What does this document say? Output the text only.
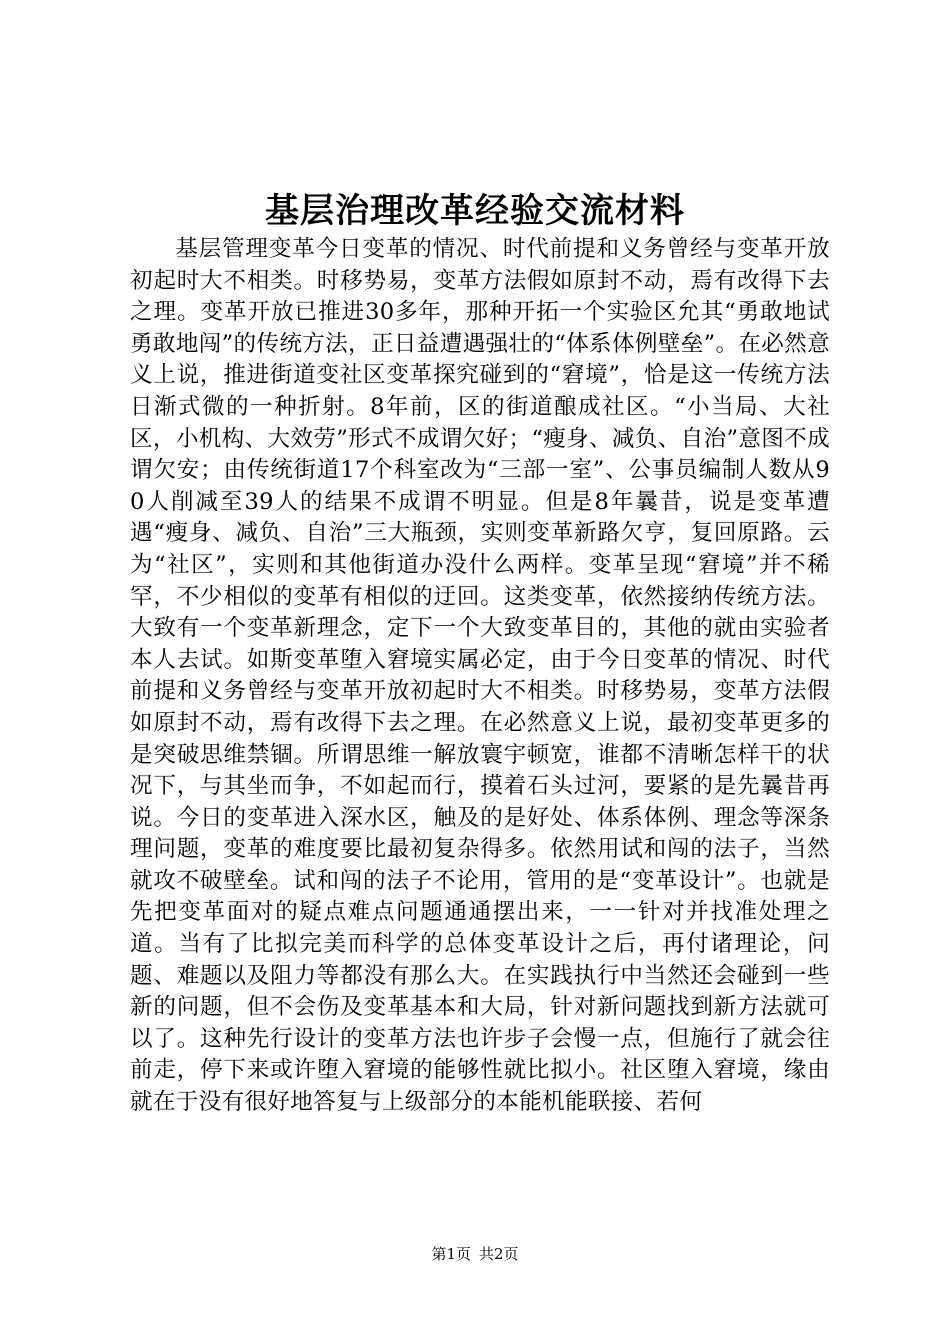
基层治理改革经验交流材料

基层管理变革今日变革的情况、时代前提和义务曾经与变革开放初起时大不相类。时移势易，变革方法假如原封不动，焉有改得下去之理。变革开放已推进30多年，那种开拓一个实验区允其“勇敢地试勇敢地闯”的传统方法，正日益遭遇强壮的“体系体例壁垒”。在必然意义上说，推进街道变社区变革探究碰到的“窘境”，恰是这一传统方法日渐式微的一种折射。8年前，区的街道酿成社区。“小当局、大社区，小机构、大效劳”形式不成谓欠好；“瘦身、减负、自治”意图不成谓欠安；由传统街道17个科室改为“三部一室”、公事员编制人数从90人削减至39人的结果不成谓不明显。但是8年曩昔，说是变革遭遇“瘦身、减负、自治”三大瓶颈，实则变革新路欠亨，复回原路。云为“社区”，实则和其他街道办没什么两样。变革呈现“窘境”并不稀罕，不少相似的变革有相似的迂回。这类变革，依然接纳传统方法。大致有一个变革新理念，定下一个大致变革目的，其他的就由实验者本人去试。如斯变革堕入窘境实属必定，由于今日变革的情况、时代前提和义务曾经与变革开放初起时大不相类。时移势易，变革方法假如原封不动，焉有改得下去之理。在必然意义上说，最初变革更多的是突破思维禁锢。所谓思维一解放寰宇顿宽，谁都不清晰怎样干的状况下，与其坐而争，不如起而行，摸着石头过河，要紧的是先曩昔再说。今日的变革进入深水区，触及的是好处、体系体例、理念等深条理问题，变革的难度要比最初复杂得多。依然用试和闯的法子，当然就攻不破壁垒。试和闯的法子不论用，管用的是“变革设计”。也就是先把变革面对的疑点难点问题通通摆出来，一一针对并找准处理之道。当有了比拟完美而科学的总体变革设计之后，再付诸理论，问题、难题以及阻力等都没有那么大。在实践执行中当然还会碰到一些新的问题，但不会伤及变革基本和大局，针对新问题找到新方法就可以了。这种先行设计的变革方法也许步子会慢一点，但施行了就会往前走，停下来或许堕入窘境的能够性就比拟小。社区堕入窘境，缘由就在于没有很好地答复与上级部分的本能机能联接、若何

第1页 共2页
